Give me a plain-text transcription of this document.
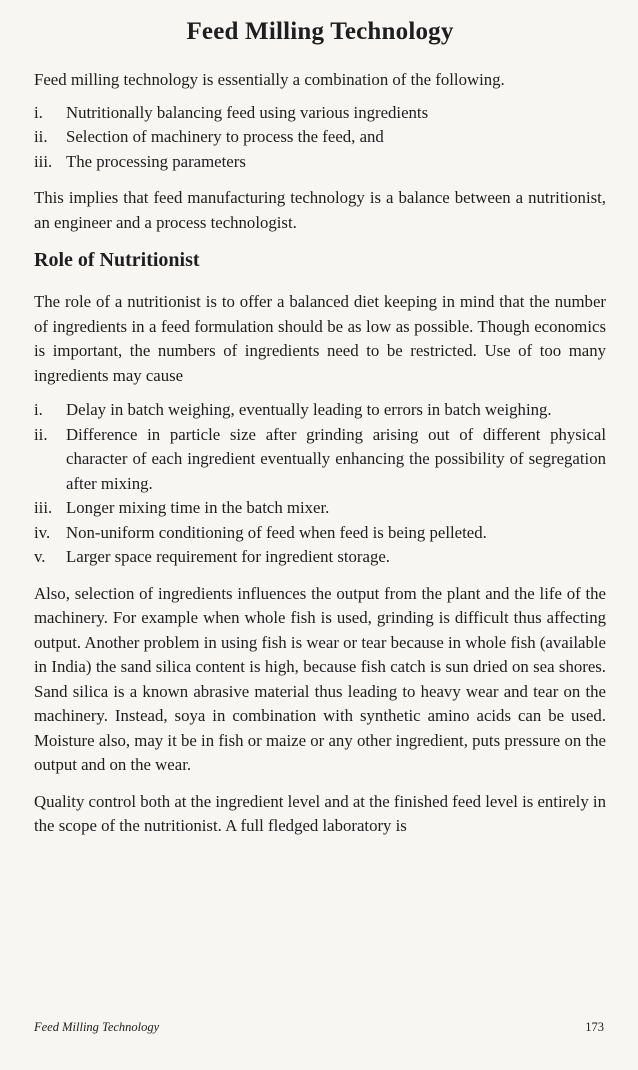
Feed Milling Technology

Feed milling technology is essentially a combination of the following.

i.	Nutritionally balancing feed using various ingredients
ii.	Selection of machinery to process the feed, and
iii. The processing parameters

This implies that feed manufacturing technology is a balance between a nutritionist, an engineer and a process technologist.

Role of Nutritionist

The role of a nutritionist is to offer a balanced diet keeping in mind that the number of ingredients in a feed formulation should be as low as possible. Though economics is important, the numbers of ingredients need to be restricted. Use of too many ingredients may cause

i.	Delay in batch weighing, eventually leading to errors in batch weighing.
ii.	Difference in particle size after grinding arising out of different physical character of each ingredient eventually enhancing the possibility of segregation after mixing.
iii. Longer mixing time in the batch mixer.
iv. Non-uniform conditioning of feed when feed is being pelleted.
v.	Larger space requirement for ingredient storage.

Also, selection of ingredients influences the output from the plant and the life of the machinery. For example when whole fish is used, grinding is difficult thus affecting output. Another problem in using fish is wear or tear because in whole fish (available in India) the sand silica content is high, because fish catch is sun dried on sea shores. Sand silica is a known abrasive material thus leading to heavy wear and tear on the machinery. Instead, soya in combination with synthetic amino acids can be used. Moisture also, may it be in fish or maize or any other ingredient, puts pressure on the output and on the wear.

Quality control both at the ingredient level and at the finished feed level is entirely in the scope of the nutritionist. A full fledged laboratory is

Feed Milling Technology	173
